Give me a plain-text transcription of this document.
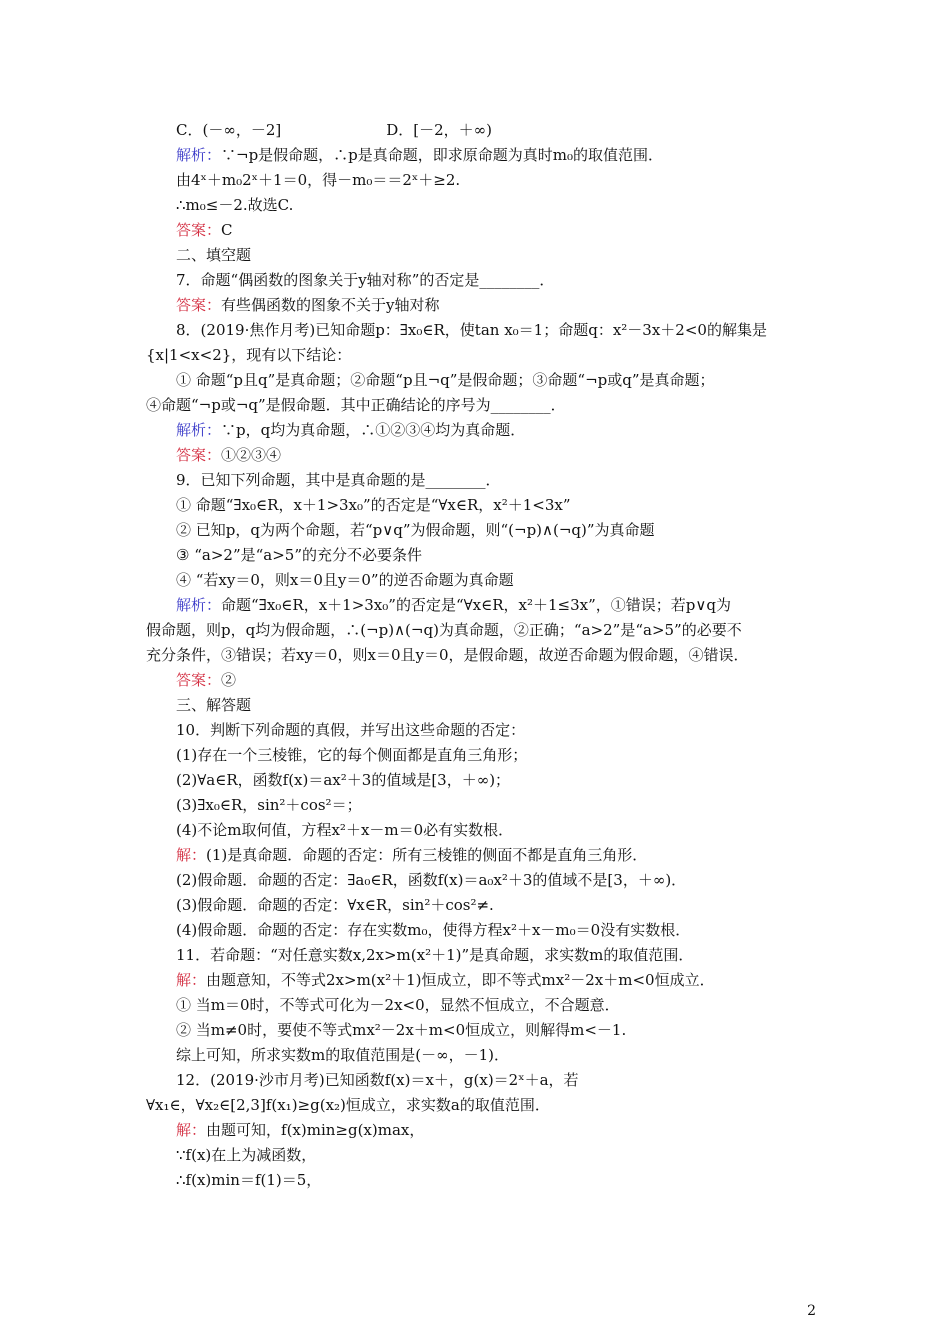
C．(－∞，－2]　　　　　　　D．[－2，＋∞)
解析：∵¬p是假命题，∴p是真命题，即求原命题为真时m₀的取值范围．
由4ˣ＋m₀2ˣ＋1＝0，得－m₀＝＝2ˣ＋≥2.
∴m₀≤－2.故选C.
答案：C
二、填空题
7．命题“偶函数的图象关于y轴对称”的否定是________．
答案：有些偶函数的图象不关于y轴对称
8．(2019·焦作月考)已知命题p：∃x₀∈R，使tan x₀＝1；命题q：x²－3x＋2<0的解集是
{x|1<x<2}，现有以下结论：
① 命题“p且q”是真命题；②命题“p且¬q”是假命题；③命题“¬p或q”是真命题；
④命题“¬p或¬q”是假命题．其中正确结论的序号为________．
解析：∵p，q均为真命题，∴①②③④均为真命题．
答案：①②③④
9．已知下列命题，其中是真命题的是________．
① 命题“∃x₀∈R，x＋1>3x₀”的否定是“∀x∈R，x²＋1<3x”
② 已知p，q为两个命题，若“p∨q”为假命题，则“(¬p)∧(¬q)”为真命题
③ “a>2”是“a>5”的充分不必要条件
④ “若xy＝0，则x＝0且y＝0”的逆否命题为真命题
解析：命题“∃x₀∈R，x＋1>3x₀”的否定是“∀x∈R，x²＋1≤3x”，①错误；若p∨q为
假命题，则p，q均为假命题，∴(¬p)∧(¬q)为真命题，②正确；“a>2”是“a>5”的必要不
充分条件，③错误；若xy＝0，则x＝0且y＝0，是假命题，故逆否命题为假命题，④错误．
答案：②
三、解答题
10．判断下列命题的真假，并写出这些命题的否定：
(1)存在一个三棱锥，它的每个侧面都是直角三角形；
(2)∀a∈R，函数f(x)＝ax²＋3的值域是[3，＋∞)；
(3)∃x₀∈R，sin²＋cos²＝；
(4)不论m取何值，方程x²＋x－m＝0必有实数根．
解：(1)是真命题．命题的否定：所有三棱锥的侧面不都是直角三角形．
(2)假命题．命题的否定：∃a₀∈R，函数f(x)＝a₀x²＋3的值域不是[3，＋∞)．
(3)假命题．命题的否定：∀x∈R，sin²＋cos²≠.
(4)假命题．命题的否定：存在实数m₀，使得方程x²＋x－m₀＝0没有实数根．
11．若命题：“对任意实数x,2x>m(x²＋1)”是真命题，求实数m的取值范围．
解：由题意知，不等式2x>m(x²＋1)恒成立，即不等式mx²－2x＋m<0恒成立．
① 当m＝0时，不等式可化为－2x<0，显然不恒成立，不合题意．
② 当m≠0时，要使不等式mx²－2x＋m<0恒成立，则解得m<－1.
综上可知，所求实数m的取值范围是(－∞，－1)．
12．(2019·沙市月考)已知函数f(x)＝x＋，g(x)＝2ˣ＋a，若
∀x₁∈，∀x₂∈[2,3]f(x₁)≥g(x₂)恒成立，求实数a的取值范围．
解：由题可知，f(x)min≥g(x)max，
∵f(x)在上为减函数，
∴f(x)min＝f(1)＝5，
2
